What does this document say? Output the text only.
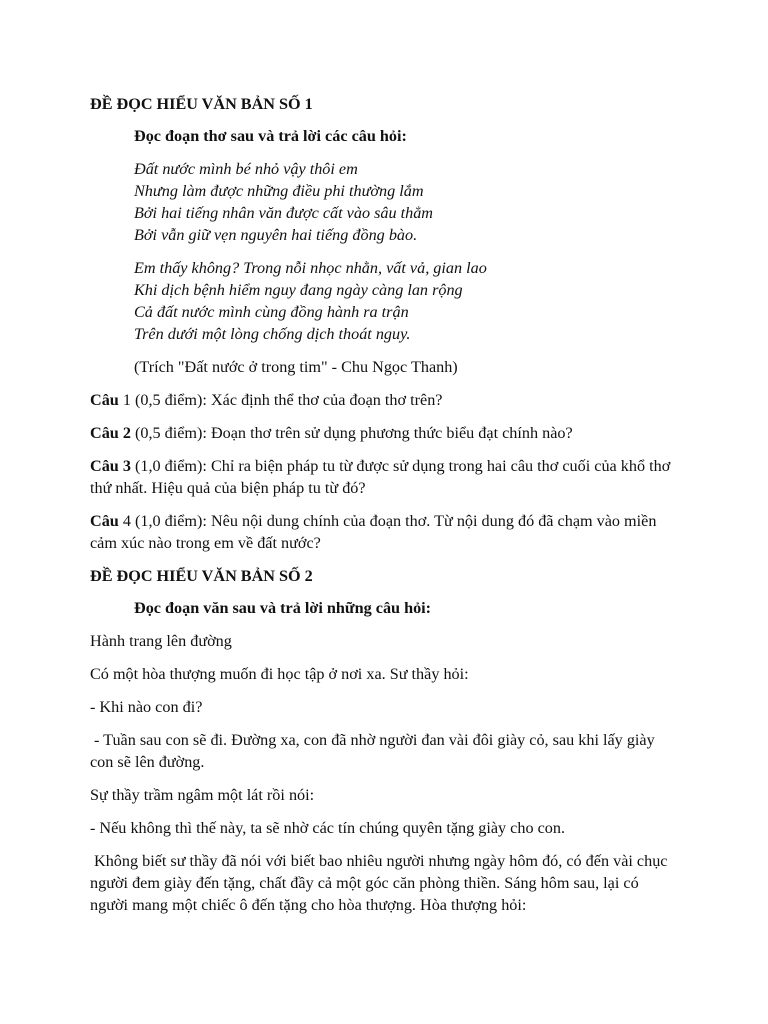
ĐỀ ĐỌC HIỂU VĂN BẢN SỐ 1

Đọc đoạn thơ sau và trả lời các câu hỏi:

Đất nước mình bé nhỏ vậy thôi em
Nhưng làm được những điều phi thường lắm
Bởi hai tiếng nhân văn được cất vào sâu thẳm
Bởi vẫn giữ vẹn nguyên hai tiếng đồng bào.

Em thấy không? Trong nỗi nhọc nhằn, vất vả, gian lao
Khi dịch bệnh hiểm nguy đang ngày càng lan rộng
Cả đất nước mình cùng đồng hành ra trận
Trên dưới một lòng chống dịch thoát nguy.

(Trích "Đất nước ở trong tim" - Chu Ngọc Thanh)

Câu 1 (0,5 điểm): Xác định thể thơ của đoạn thơ trên?

Câu 2 (0,5 điểm): Đoạn thơ trên sử dụng phương thức biểu đạt chính nào?

Câu 3 (1,0 điểm): Chỉ ra biện pháp tu từ được sử dụng trong hai câu thơ cuối của khổ thơ thứ nhất. Hiệu quả của biện pháp tu từ đó?

Câu 4 (1,0 điểm): Nêu nội dung chính của đoạn thơ. Từ nội dung đó đã chạm vào miền cảm xúc nào trong em về đất nước?

ĐỀ ĐỌC HIỂU VĂN BẢN SỐ 2

Đọc đoạn văn sau và trả lời những câu hỏi:

Hành trang lên đường

Có một hòa thượng muốn đi học tập ở nơi xa. Sư thầy hỏi:

- Khi nào con đi?

- Tuần sau con sẽ đi. Đường xa, con đã nhờ người đan vài đôi giày cỏ, sau khi lấy giày con sẽ lên đường.

Sự thầy trầm ngâm một lát rồi nói:

- Nếu không thì thế này, ta sẽ nhờ các tín chúng quyên tặng giày cho con.

Không biết sư thầy đã nói với biết bao nhiêu người nhưng ngày hôm đó, có đến vài chục người đem giày đến tặng, chất đầy cả một góc căn phòng thiền. Sáng hôm sau, lại có người mang một chiếc ô đến tặng cho hòa thượng. Hòa thượng hỏi:
